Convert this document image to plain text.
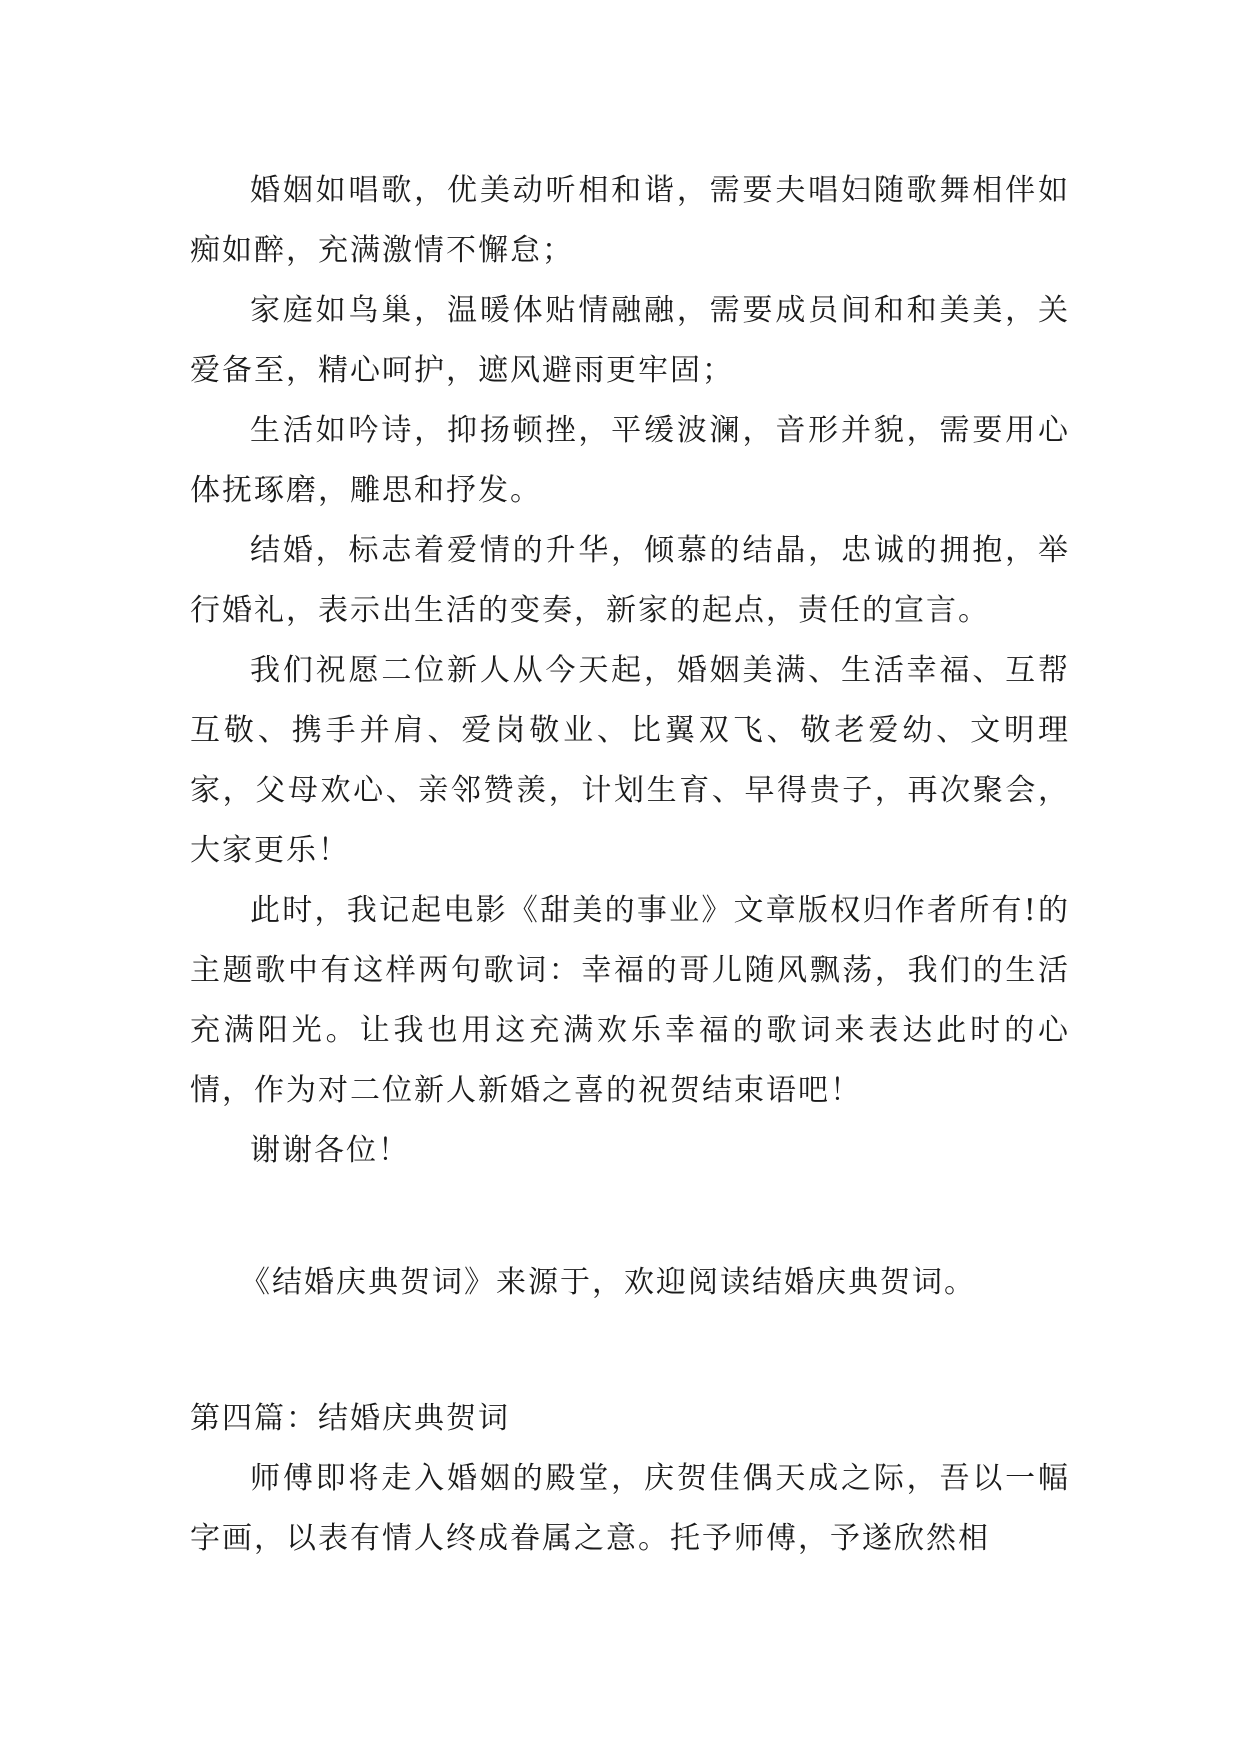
婚姻如唱歌，优美动听相和谐，需要夫唱妇随歌舞相伴如痴如醉，充满激情不懈怠；

家庭如鸟巢，温暖体贴情融融，需要成员间和和美美，关爱备至，精心呵护，遮风避雨更牢固；

生活如吟诗，抑扬顿挫，平缓波澜，音形并貌，需要用心体抚琢磨，雕思和抒发。

结婚，标志着爱情的升华，倾慕的结晶，忠诚的拥抱，举行婚礼，表示出生活的变奏，新家的起点，责任的宣言。

我们祝愿二位新人从今天起，婚姻美满、生活幸福、互帮互敬、携手并肩、爱岗敬业、比翼双飞、敬老爱幼、文明理家，父母欢心、亲邻赞羡，计划生育、早得贵子，再次聚会，大家更乐！

此时，我记起电影《甜美的事业》文章版权归作者所有!的主题歌中有这样两句歌词：幸福的哥儿随风飘荡，我们的生活充满阳光。让我也用这充满欢乐幸福的歌词来表达此时的心情，作为对二位新人新婚之喜的祝贺结束语吧！

谢谢各位！

《结婚庆典贺词》来源于，欢迎阅读结婚庆典贺词。

第四篇：结婚庆典贺词

师傅即将走入婚姻的殿堂，庆贺佳偶天成之际，吾以一幅字画，以表有情人终成眷属之意。托予师傅，予遂欣然相
